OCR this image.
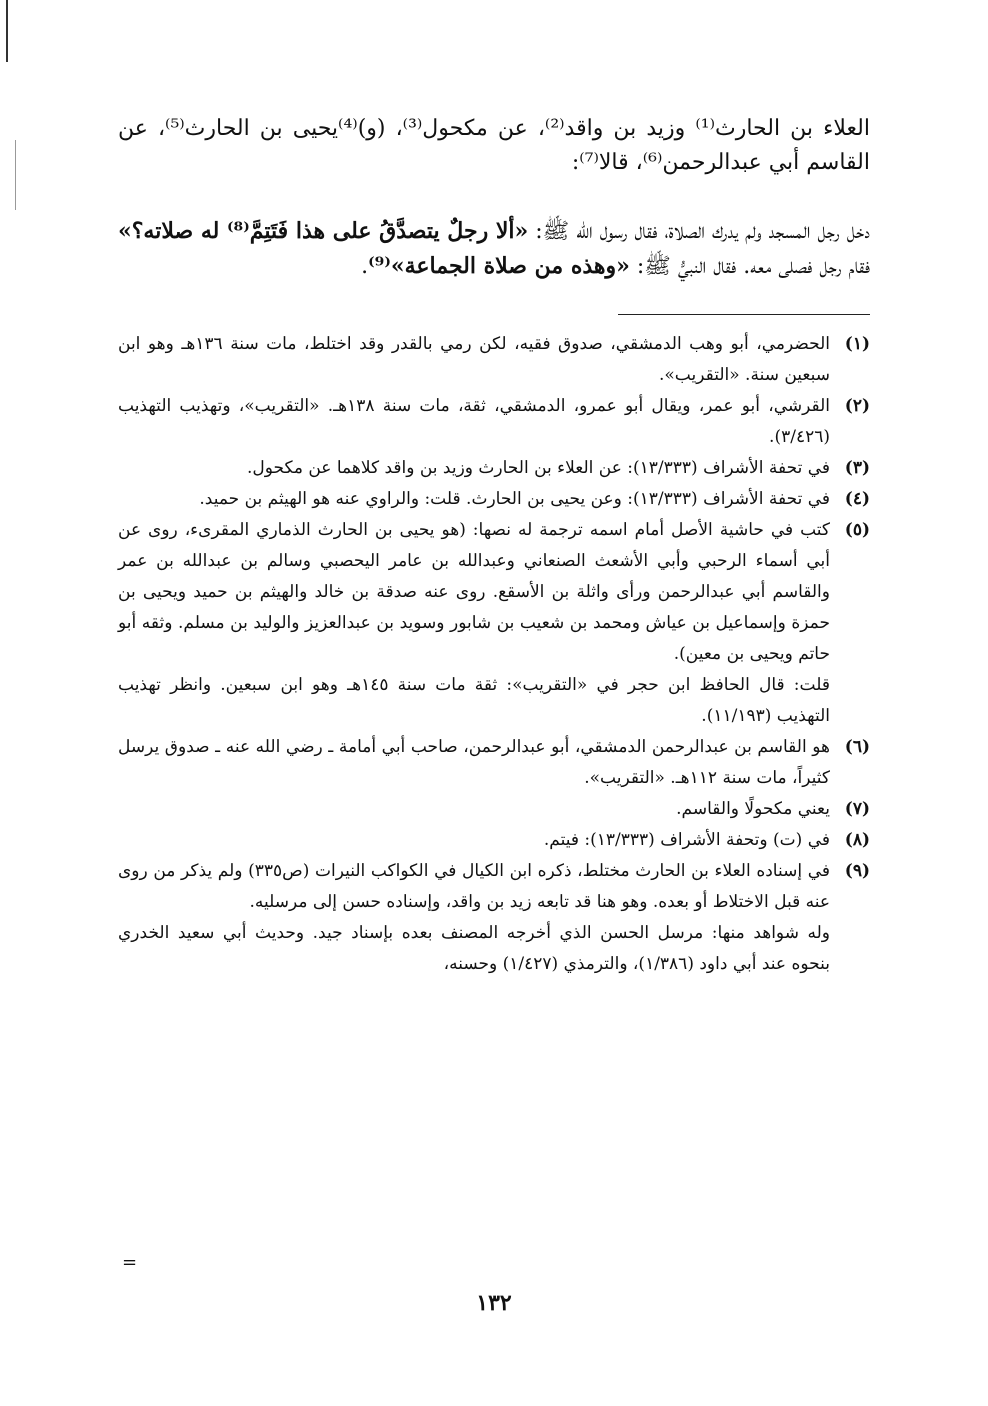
العلاء بن الحارث⁽¹⁾ وزيد بن واقد⁽²⁾، عن مكحول⁽³⁾، (و)⁽⁴⁾يحيى بن الحارث⁽⁵⁾، عن القاسم أبي عبدالرحمن⁽⁶⁾، قالا⁽⁷⁾:

دخل رجل المسجد ولم يدرك الصلاة، فقال رسول الله ﷺ: «ألا رجلٌ يتصدَّقُ على هذا فَتَتِمَّ⁽⁸⁾ له صلاته؟» فقام رجل فصلى معه. فقال النبيُّ ﷺ: «وهذه من صلاة الجماعة»⁽⁹⁾.

(١)

الحضرمي، أبو وهب الدمشقي، صدوق فقيه، لكن رمي بالقدر وقد اختلط، مات سنة ١٣٦هـ وهو ابن سبعين سنة. «التقريب».

(٢)

القرشي، أبو عمر، ويقال أبو عمرو، الدمشقي، ثقة، مات سنة ١٣٨هـ. «التقريب»، وتهذيب التهذيب (٣/٤٢٦).

(٣)

في تحفة الأشراف (١٣/٣٣٣): عن العلاء بن الحارث وزيد بن واقد كلاهما عن مكحول.

(٤)

في تحفة الأشراف (١٣/٣٣٣): وعن يحيى بن الحارث. قلت: والراوي عنه هو الهيثم بن حميد.

(٥)

كتب في حاشية الأصل أمام اسمه ترجمة له نصها: (هو يحيى بن الحارث الذماري المقرىء، روى عن أبي أسماء الرحبي وأبي الأشعث الصنعاني وعبدالله بن عامر اليحصبي وسالم بن عبدالله بن عمر والقاسم أبي عبدالرحمن ورأى واثلة بن الأسقع. روى عنه صدقة بن خالد والهيثم بن حميد ويحيى بن حمزة وإسماعيل بن عياش ومحمد بن شعيب بن شابور وسويد بن عبدالعزيز والوليد بن مسلم. وثقه أبو حاتم ويحيى بن معين).

قلت: قال الحافظ ابن حجر في «التقريب»: ثقة مات سنة ١٤٥هـ وهو ابن سبعين. وانظر تهذيب التهذيب (١١/١٩٣).

(٦)

هو القاسم بن عبدالرحمن الدمشقي، أبو عبدالرحمن، صاحب أبي أمامة ـ رضي الله عنه ـ صدوق يرسل كثيراً، مات سنة ١١٢هـ. «التقريب».

(٧)

يعني مكحولًا والقاسم.

(٨)

في (ت) وتحفة الأشراف (١٣/٣٣٣): فيتم.

(٩)

في إسناده العلاء بن الحارث مختلط، ذكره ابن الكيال في الكواكب النيرات (ص٣٣٥) ولم يذكر من روى عنه قبل الاختلاط أو بعده. وهو هنا قد تابعه زيد بن واقد، وإسناده حسن إلى مرسليه.

وله شواهد منها: مرسل الحسن الذي أخرجه المصنف بعده بإسناد جيد. وحديث أبي سعيد الخدري بنحوه عند أبي داود (١/٣٨٦)، والترمذي (١/٤٢٧) وحسنه،

=
١٣٢
